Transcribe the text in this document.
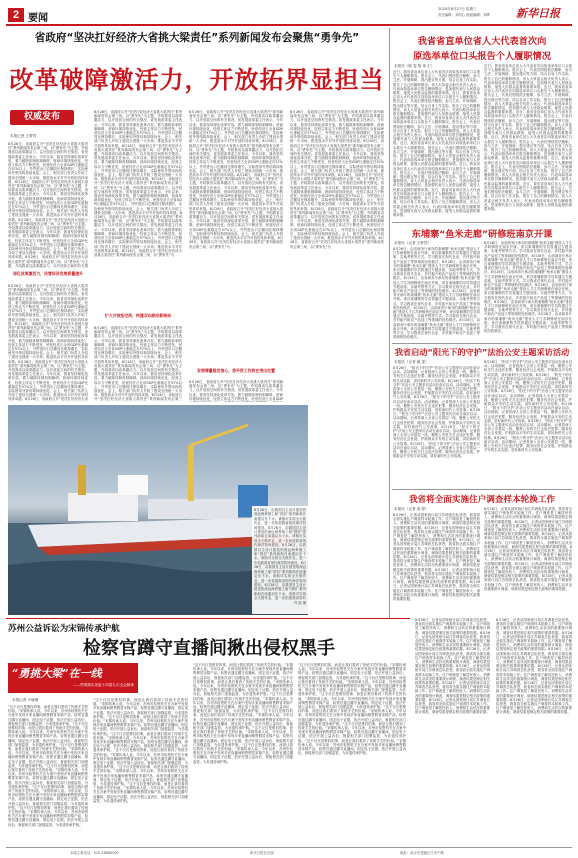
2 要闻
2025年8月27日 星期三
责任编辑：刘同心 版面编辑：刘晔 新华日报
省政府“坚决扛好经济大省挑大梁责任”系列新闻发布会聚焦“勇争先”
改革破障激活力，开放拓界显担当
权威发布
本报记者 王梦然
8月26日，省政府召开“坚决扛好经济大省挑大梁责任”系列新闻发布会第三场，以“勇争先”为主题，介绍我省以改革激活力、以开放拓空间的有关情况。省发展改革委主任表示，今年以来，我省坚持深化改革开放，着力破除体制机制障碍，营商环境持续优化，经营主体活力不断迸发，民营经济占全省GDP比重稳定在57%以上，外贸进出口总额同比保持增长，实际使用外资结构持续优化。会上，相关部门负责人介绍了建设全国统一大市场、推进高水平对外开放的具体举措。8月26日，省政府召开“坚决扛好经济大省挑大梁责任”系列新闻发布会第三场，以“勇争先”为主题，介绍我省以改革激活力、以开放拓空间的有关情况。省发展改革委主任表示，今年以来，我省坚持深化改革开放，着力破除体制机制障碍，营商环境持续优化，经营主体活力不断迸发，民营经济占全省GDP比重稳定在57%以上，外贸进出口总额同比保持增长，实际使用外资结构持续优化。会上，相关部门负责人介绍了建设全国统一大市场、推进高水平对外开放的具体举措。8月26日，省政府召开“坚决扛好经济大省挑大梁责任”系列新闻发布会第三场，以“勇争先”为主题，介绍我省以改革激活力、以开放拓空间的有关情况。省发展改革委主任表示，今年以来，我省坚持深化改革开放，着力破除体制机制障碍，营商环境持续优化，经营主体活力不断迸发，民营经济占全省GDP比重稳定在57%以上，外贸进出口总额同比保持增长，实际使用外资结构持续优化。会上，相关部门负责人介绍了建设全国统一大市场、推进高水平对外开放的具体举措。8月26日，省政府召开“坚决扛好经济大省挑大梁责任”系列新闻发布会第三场，以“勇争先”为主题，介绍我省以改革激活力、以开放拓空间的有关情
深化改革激活力，民营经济发展质量提升
8月26日，省政府召开“坚决扛好经济大省挑大梁责任”系列新闻发布会第三场，以“勇争先”为主题，介绍我省以改革激活力、以开放拓空间的有关情况。省发展改革委主任表示，今年以来，我省坚持深化改革开放，着力破除体制机制障碍，营商环境持续优化，经营主体活力不断迸发，民营经济占全省GDP比重稳定在57%以上，外贸进出口总额同比保持增长，实际使用外资结构持续优化。会上，相关部门负责人介绍了建设全国统一大市场、推进高水平对外开放的具体举措。8月26日，省政府召开“坚决扛好经济大省挑大梁责任”系列新闻发布会第三场，以“勇争先”为主题，介绍我省以改革激活力、以开放拓空间的有关情况。省发展改革委主任表示，今年以来，我省坚持深化改革开放，着力破除体制机制障碍，营商环境持续优化，经营主体活力不断迸发，民营经济占全省GDP比重稳定在57%以上，外贸进出口总额同比保持增长，实际使用外资结构持续优化。会上，相关部门负责人介绍了建设全国统一大市场、推进高水平对外开放的具体举措。8月26日，省政府召开“坚决扛好经济大省挑大梁责任”系列新闻发布会第三场，以“勇争先”为主题，介绍我省以改革激活力、以开放拓空间的有关情况。省发展改革委主任表示，今年以来，我省坚持深化改革开放，着力破除体制机制障碍，营商环境持续优化，经营主体活力不断迸发，民营经济占全省GDP比重稳定在57%以上，外贸进出口总额同比保持增长，实际使用外资结构持续优化。会上，相关部门负责人介绍了建设全国统一大市场、推进高水平对外开放的具体举措。8月26日，省政府召开“坚决扛好经济大省
8月26日，省政府召开“坚决扛好经济大省挑大梁责任”系列新闻发布会第三场，以“勇争先”为主题，介绍我省以改革激活力、以开放拓空间的有关情况。省发展改革委主任表示，今年以来，我省坚持深化改革开放，着力破除体制机制障碍，营商环境持续优化，经营主体活力不断迸发，民营经济占全省GDP比重稳定在57%以上，外贸进出口总额同比保持增长，实际使用外资结构持续优化。会上，相关部门负责人介绍了建设全国统一大市场、推进高水平对外开放的具体举措。8月26日，省政府召开“坚决扛好经济大省挑大梁责任”系列新闻发布会第三场，以“勇争先”为主题，介绍我省以改革激活力、以开放拓空间的有关情况。省发展改革委主任表示，今年以来，我省坚持深化改革开放，着力破除体制机制障碍，营商环境持续优化，经营主体活力不断迸发，民营经济占全省GDP比重稳定在57%以上，外贸进出口总额同比保持增长，实际使用外资结构持续优化。会上，相关部门负责人介绍了建设全国统一大市场、推进高水平对外开放的具体举措。8月26日，省政府召开“坚决扛好经济大省挑大梁责任”系列新闻发布会第三场，以“勇争先”为主题，介绍我省以改革激活力、以开放拓空间的有关情况。省发展改革委主任表示，今年以来，我省坚持深化改革开放，着力破除体制机制障碍，营商环境持续优化，经营主体活力不断迸发，民营经济占全省GDP比重稳定在57%以上，外贸进出口总额同比保持增长，实际使用外资结构持续优化。会上，相关部门负责人介绍了建设全国统一大市场、推进高水平对外开放的具体举措。8月26日，省政府召开“坚决扛好经济大省挑大梁责任”系列新闻发布会第三场，以“勇争先”为主题，介绍我省以改革激活力、以开放拓空间的有关情况。省发展改革委主任表示，今年以来，我省坚持深化改革开放，着力破除体制机制障碍，营商环境持续优化，经营主体活力不断迸发，民营经济占全省GDP比重稳定在57%以上，外贸进出口总额同比保持增长，实际使用外资结构持续优化。会上，相关部门负责人介绍了建设全国统一大市场、推进高水平对外开放的具体举措。8月26日，省政府召开“坚决扛好经济大省挑大梁责任”系列新闻发布会第三场，以“勇争先”为
扩大开放拓空间，构建双向联动新格局
8月26日，省政府召开“坚决扛好经济大省挑大梁责任”系列新闻发布会第三场，以“勇争先”为主题，介绍我省以改革激活力、以开放拓空间的有关情况。省发展改革委主任表示，今年以来，我省坚持深化改革开放，着力破除体制机制障碍，营商环境持续优化，经营主体活力不断迸发，民营经济占全省GDP比重稳定在57%以上，外贸进出口总额同比保持增长，实际使用外资结构持续优化。会上，相关部门负责人介绍了建设全国统一大市场、推进高水平对外开放的具体举措。8月26日，省政府召开“坚决扛好经济大省挑大梁责任”系列新闻发布会第三场，以“勇争先”为主题，介绍我省以改革激活力、以开放拓空间的有关情况。省发展改革委主任表示，今年以来，我省坚持深化改革开放，着力破除体制机制障碍，营商环境持续优化，经营主体活力不断迸发，民营经济占全省GDP比重稳定在57%以上，外贸进出口总额同比保持增长，实际使用外资结构持续优化。会上，相关部门负责人介绍了建设全国统一大市场、推进高水平对外开放的具体举措。8月26日，省政府召开“坚决扛好经济大省挑大梁责任”系列新闻发布会第三
8月26日，省政府召开“坚决扛好经济大省挑大梁责任”系列新闻发布会第三场，以“勇争先”为主题，介绍我省以改革激活力、以开放拓空间的有关情况。省发展改革委主任表示，今年以来，我省坚持深化改革开放，着力破除体制机制障碍，营商环境持续优化，经营主体活力不断迸发，民营经济占全省GDP比重稳定在57%以上，外贸进出口总额同比保持增长，实际使用外资结构持续优化。会上，相关部门负责人介绍了建设全国统一大市场、推进高水平对外开放的具体举措。8月26日，省政府召开“坚决扛好经济大省挑大梁责任”系列新闻发布会第三场，以“勇争先”为主题，介绍我省以改革激活力、以开放拓空间的有关情况。省发展改革委主任表示，今年以来，我省坚持深化改革开放，着力破除体制机制障碍，营商环境持续优化，经营主体活力不断迸发，民营经济占全省GDP比重稳定在57%以上，外贸进出口总额同比保持增长，实际使用外资结构持续优化。会上，相关部门负责人介绍了建设全国统一大市场、推进高水平对外开放的具体举措。8月26日，省政府召开“坚决扛好经济大省挑大梁责任”系列新闻发布会第三场，以“勇争先”为主题，介绍我省以改革激活力、以开放拓空间的有关情况。省发展改革委主任表示，今年以来，我省坚持深化改革开放，着力破除体制机制障碍，营商环境持续优化，经营主体活力不断迸发，民营经济占全省GDP比重稳定在57%以上，外贸进出口总额同比保持增长，实际使用外资结构持续优化。会上，相关部门负责人介绍了建设全国统一大市场、推进高水平对外开放的具体举措。8月26日，省政府召开“坚决扛好经济大省挑大梁责任”系列新闻发布会第三场，以“勇争先”为主题，介绍我省以改革激活力、以开放拓空间的有关情况。省发展改革委主任表示，今年以来，我省坚持深化改革开放，着力破除体制机制障碍，营商环境持续优化，经营主体活力不断迸发，民营经济占全省GDP比重稳定在57%以上，外贸进出口总额同比保持增长，实际使用外资结构持续优化。会上，相关部门负责人介绍了建设全国统一大市场、推进高水平对外开放的具体举措。8月26日，省政府召开“坚决扛好经济大省挑大梁责任”系列新闻发布会第三场，以“勇争先”为
发展增量稳定信心，将外贸工作放在突出位置
8月26日，省政府召开“坚决扛好经济大省挑大梁责任”系列新闻发布会第三场，以“勇争先”为主题，介绍我省以改革激活力、以开放拓空间的有关情况。省发展改革委主任表示，今年以来，我省坚持深化改革开放，着力破除体制机制障碍，营商环境持续优化，经营主体活力不断迸发，民营经济占全省GDP
8月26日，省政府召开“坚决扛好经济大省挑大梁责任”系列新闻发布会第三场，以“勇争先”为主题，介绍我省以改革激活力、以开放拓空间的有关情况。省发展改革委主任表示，今年以来，我省坚持深化改革开放，着力破除体制机制障碍，营商环境持续优化，经营主体活力不断迸发，民营经济占全省GDP比重稳定在57%以上，外贸进出口总额同比保持增长，实际使用外资结构持续优化。会上，相关部门负责人介绍了建设全国统一大市场、推进高水平对外开放的具体举措。8月26日，省政府召开“坚决扛好经济大省挑大梁责任”系列新闻发布会第三场，以“勇争先”为主题，介绍我省以改革激活力、以开放拓空间的有关情况。省发展改革委主任表示，今年以来，我省坚持深化改革开放，着力破除体制机制障碍，营商环境持续优化，经营主体活力不断迸发，民营经济占全省GDP比重稳定在57%以上，外贸进出口总额同比保持增长，实际使用外资结构持续优化。会上，相关部门负责人介绍了建设全国统一大市场、推进高水平对外开放的具体举措。8月26日，省政府召开“坚决扛好经济大省挑大梁责任”系列新闻发布会第三场，以“勇争先”为主题，介绍我省以改革激活力、以开放拓空间的有关情况。省发展改革委主任表示，今年以来，我省坚持深化改革开放，着力破除体制机制障碍，营商环境持续优化，经营主体活力不断迸发，民营经济占全省GDP比重稳定在57%以上，外贸进出口总额同比保持增长，实际使用外资结构持续优化。会上，相关部门负责人介绍了建设全国统一大市场、推进高水平对外开放的具体举措。8月26日，省政府召开“坚决扛好经济大省挑大梁责任”系列新闻发布会第三场，以“勇争先”为主题，介绍我省以改革激活力、以开放拓空间的有关情况。省发展改革委主任表示，今年以来，我省坚持深化改革开放，着力破除体制机制障碍，营商环境持续优化，经营主体活力不断迸发，民营经济占全省GDP比重稳定在57%以上，外贸进出口总额同比保持增长，实际使用外资结构持续优化。会上，相关部门负责人介绍了建设全国统一大市场、推进高水平对外开放的具体举措。8月26日，省政府召开“坚决扛好经济大省挑大梁责任”系列新闻发布会第三场，以“勇争先”为
8月26日，由我国自主设计建造的深远海养殖工船“国信”系列新船在南通启东下水。该船可实现全天候作业，进一步拓展我省现代海洋牧场建设。8月26日，由我国自主设计建造的深远海养殖工船“国信”系列新船在南通启东下水。该船可实现全天候作业，进一步拓展我省现代海洋牧场建设。8月26日，由我国自主设计建造的深远海养殖工船“国信”系列新船在南通启东下水。该船可实现全天候作业，进一步拓展我省现代海洋牧场建设。8月26日，由我国自主设计建造的深远海养殖工船“国信”系列新船在南通启东下水。该船可实现全天候作业，进一步拓展我省现代海洋牧场建设。8月26日，由我国自主设计建造的深远海养殖工船“国信”系列新船在南通启东下水。该船可实现全天候作业，进一步拓展我省现代
许 凯 摄
我省省直单位省人大代表首次向
原选举单位口头报告个人履职情况
本报讯（顾 雯 陈 伟 汇）
近日，我省省直单位省人大代表首次向原选举单位口头报告个人履职情况。报告会上，代表们围绕依法履职、参与立法、开展调研、提出建议等方面，结合自身工作实际，报告了自己的履职情况。省人大常委会相关负责人表示，代表向原选举单位报告履职情况，是加强代表与人民群众联系、接受人民群众监督的重要举措。近日，我省省直单位省人大代表首次向原选举单位口头报告个人履职情况。报告会上，代表们围绕依法履职、参与立法、开展调研、提出建议等方面，结合自身工作实际，报告了自己的履职情况。省人大常委会相关负责人表示，代表向原选举单位报告履职情况，是加强代表与人民群众联系、接受人民群众监督的重要举措。近日，我省省直单位省人大代表首次向原选举单位口头报告个人履职情况。报告会上，代表们围绕依法履职、参与立法、开展调研、提出建议等方面，结合自身工作实际，报告了自己的履职情况。省人大常委会相关负责人表示，代表向原选举单位报告履职情况，是加强代表与人民群众联系、接受人民群众监督的重要举措。近日，我省省直单位省人大代表首次向原选举单位口头报告个人履职情况。报告会上，代表们围绕依法履职、参与立法、开展调研、提出建议等方面，结合自身工作实际，报告了自己的履职情况。省人大常委会相关负责人表示，代表向原选举单位报告履职情况，是加强代表与人民群众联系、接受人民群众监督的重要举措。近日，我省省直单位省人大代表首次向原选举单位口头报告个人履职情况。报告会上，代表们围绕依法履职、参与立法、开展调研、提出建议等方面，结合自身工作实际，报告了自己的履职情况。省人大常委会相关负责人表示，代表向原选举单位报告履职情况，是加强代表与人民群众联系、接受人民群众监督的重要举措。近日，我省省直单位省人大代表首次向原选举单位口头报告个人履职情况。报告会上，代表们围绕依法履职、参与立法、开展调研、提出建议等方面，结合自身工作实际，报告了自己的履职情况。省人大常委会相关负责人表示，代表向原选举单位报告履职情况，是加强代表与人民群众联系、接受人民群众监督的重要举措。
近日，我省省直单位省人大代表首次向原选举单位口头报告个人履职情况。报告会上，代表们围绕依法履职、参与立法、开展调研、提出建议等方面，结合自身工作实际，报告了自己的履职情况。省人大常委会相关负责人表示，代表向原选举单位报告履职情况，是加强代表与人民群众联系、接受人民群众监督的重要举措。近日，我省省直单位省人大代表首次向原选举单位口头报告个人履职情况。报告会上，代表们围绕依法履职、参与立法、开展调研、提出建议等方面，结合自身工作实际，报告了自己的履职情况。省人大常委会相关负责人表示，代表向原选举单位报告履职情况，是加强代表与人民群众联系、接受人民群众监督的重要举措。近日，我省省直单位省人大代表首次向原选举单位口头报告个人履职情况。报告会上，代表们围绕依法履职、参与立法、开展调研、提出建议等方面，结合自身工作实际，报告了自己的履职情况。省人大常委会相关负责人表示，代表向原选举单位报告履职情况，是加强代表与人民群众联系、接受人民群众监督的重要举措。近日，我省省直单位省人大代表首次向原选举单位口头报告个人履职情况。报告会上，代表们围绕依法履职、参与立法、开展调研、提出建议等方面，结合自身工作实际，报告了自己的履职情况。省人大常委会相关负责人表示，代表向原选举单位报告履职情况，是加强代表与人民群众联系、接受人民群众监督的重要举措。近日，我省省直单位省人大代表首次向原选举单位口头报告个人履职情况。报告会上，代表们围绕依法履职、参与立法、开展调研、提出建议等方面，结合自身工作实际，报告了自己的履职情况。省人大常委会相关负责人表示，代表向原选举单位报告履职情况，是加强代表与人民群众联系、接受人民群众监督的重要举措。近日，我省省直单位省人大代表首次向原选举单位口头报告个人履职情况。报告会上，代表们围绕依法履职、参与立法、开展调研、提出建议等方面，结合自身工作实际，报告了自己的履职情况。省人大常委会相关负责人表示，代表向原选举单位报告履职情况，是加强代表与人民群众联系、接受人民群众监督的重要举措。
东埔寨“鱼米走廊”研修班南京开课
本报讯（记者 王梦然）
8月26日，由省商务厅承办的柬埔寨“鱼米走廊”建设人才江苏研修班在南京开班。来自柬埔寨的学员将通过专题讲座、实地考察等方式，学习我省在现代农业、乡村振兴和农产品加工等领域的经验做法。8月26日，由省商务厅承办的柬埔寨“鱼米走廊”建设人才江苏研修班在南京开班。来自柬埔寨的学员将通过专题讲座、实地考察等方式，学习我省在现代农业、乡村振兴和农产品加工等领域的经验做法。8月26日，由省商务厅承办的柬埔寨“鱼米走廊”建设人才江苏研修班在南京开班。来自柬埔寨的学员将通过专题讲座、实地考察等方式，学习我省在现代农业、乡村振兴和农产品加工等领域的经验做法。8月26日，由省商务厅承办的柬埔寨“鱼米走廊”建设人才江苏研修班在南京开班。来自柬埔寨的学员将通过专题讲座、实地考察等方式，学习我省在现代农业、乡村振兴和农产品加工等领域的经验做法。8月26日，由省商务厅承办的柬埔寨“鱼米走廊”建设人才江苏研修班在南京开班。来自柬埔寨的学员将通过专题讲座、实地考察等方式，学习我省在现代农业、乡村振兴和农产品加工等领域的经验做法。8月26日，由省商务厅承办的柬埔寨“鱼米走廊”建设人才江苏研修班在南京开班。来自柬埔寨的学员将通过专题讲座、实地考察等方式，学习我省在现代农业、乡村振兴和农产品加工等领域的经验做法。
8月26日，由省商务厅承办的柬埔寨“鱼米走廊”建设人才江苏研修班在南京开班。来自柬埔寨的学员将通过专题讲座、实地考察等方式，学习我省在现代农业、乡村振兴和农产品加工等领域的经验做法。8月26日，由省商务厅承办的柬埔寨“鱼米走廊”建设人才江苏研修班在南京开班。来自柬埔寨的学员将通过专题讲座、实地考察等方式，学习我省在现代农业、乡村振兴和农产品加工等领域的经验做法。8月26日，由省商务厅承办的柬埔寨“鱼米走廊”建设人才江苏研修班在南京开班。来自柬埔寨的学员将通过专题讲座、实地考察等方式，学习我省在现代农业、乡村振兴和农产品加工等领域的经验做法。8月26日，由省商务厅承办的柬埔寨“鱼米走廊”建设人才江苏研修班在南京开班。来自柬埔寨的学员将通过专题讲座、实地考察等方式，学习我省在现代农业、乡村振兴和农产品加工等领域的经验做法。8月26日，由省商务厅承办的柬埔寨“鱼米走廊”建设人才江苏研修班在南京开班。来自柬埔寨的学员将通过专题讲座、实地考察等方式，学习我省在现代农业、乡村振兴和农产品加工等领域的经验做法。8月26日，由省商务厅承办的柬埔寨“鱼米走廊”建设人才江苏研修班在南京开班。来自柬埔寨的学员将通过专题讲座、实地考察等方式，学习我省在现代农业、乡村振兴和农产品加工等领域的经验做法。
我省启动“阳光下的守护”法治公安主题采访活动
本报讯（记者 顾 雯）
8月26日，“阳光下的守护”法治公安主题采访活动在南京启动。活动期间，记者将深入全省公安基层一线，聚焦公安机关打击违法犯罪、服务经济社会发展、护航群众平安的生动实践，讲好新时代公安故事。8月26日，“阳光下的守护”法治公安主题采访活动在南京启动。活动期间，记者将深入全省公安基层一线，聚焦公安机关打击违法犯罪、服务经济社会发展、护航群众平安的生动实践，讲好新时代公安故事。8月26日，“阳光下的守护”法治公安主题采访活动在南京启动。活动期间，记者将深入全省公安基层一线，聚焦公安机关打击违法犯罪、服务经济社会发展、护航群众平安的生动实践，讲好新时代公安故事。8月26日，“阳光下的守护”法治公安主题采访活动在南京启动。活动期间，记者将深入全省公安基层一线，聚焦公安机关打击违法犯罪、服务经济社会发展、护航群众平安的生动实践，讲好新时代公安故事。8月26日，“阳光下的守护”法治公安主题采访活动在南京启动。活动期间，记者将深入全省公安基层一线，聚焦公安机关打击违法犯罪、服务经济社会发展、护航群众平安的生动实践，讲好新时代公安故事。8月26日，“阳光下的守护”法治公安主题采访活动在南京启动。活动期间，记者将深入全省公安基层一线，聚焦公安机关打击违法犯罪、服务经济社会发展、护航群众平安的生动实践，讲好新时代公安故事。
8月26日，“阳光下的守护”法治公安主题采访活动在南京启动。活动期间，记者将深入全省公安基层一线，聚焦公安机关打击违法犯罪、服务经济社会发展、护航群众平安的生动实践，讲好新时代公安故事。8月26日，“阳光下的守护”法治公安主题采访活动在南京启动。活动期间，记者将深入全省公安基层一线，聚焦公安机关打击违法犯罪、服务经济社会发展、护航群众平安的生动实践，讲好新时代公安故事。8月26日，“阳光下的守护”法治公安主题采访活动在南京启动。活动期间，记者将深入全省公安基层一线，聚焦公安机关打击违法犯罪、服务经济社会发展、护航群众平安的生动实践，讲好新时代公安故事。8月26日，“阳光下的守护”法治公安主题采访活动在南京启动。活动期间，记者将深入全省公安基层一线，聚焦公安机关打击违法犯罪、服务经济社会发展、护航群众平安的生动实践，讲好新时代公安故事。8月26日，“阳光下的守护”法治公安主题采访活动在南京启动。活动期间，记者将深入全省公安基层一线，聚焦公安机关打击违法犯罪、服务经济社会发展、护航群众平安的生动实践，讲好新时代公安故事。8月26日，“阳光下的守护”法治公安主题采访活动在南京启动。活动期间，记者将深入全省公安基层一线，聚焦公安机关打击违法犯罪、服务经济社会发展、护航群众平安的生动实践，讲好新时代公安故事。
我省将全面实施住户调查样本轮换工作
本报讯（记者 梁 婷）
8月26日，记者从国家统计局江苏调查总队获悉，我省将全面实施住户调查样本轮换工作。住户调查是了解居民收入、消费和生活状况的重要统计调查，调查结果是制定相关政策的重要依据。8月26日，记者从国家统计局江苏调查总队获悉，我省将全面实施住户调查样本轮换工作。住户调查是了解居民收入、消费和生活状况的重要统计调查，调查结果是制定相关政策的重要依据。8月26日，记者从国家统计局江苏调查总队获悉，我省将全面实施住户调查样本轮换工作。住户调查是了解居民收入、消费和生活状况的重要统计调查，调查结果是制定相关政策的重要依据。8月26日，记者从国家统计局江苏调查总队获悉，我省将全面实施住户调查样本轮换工作。住户调查是了解居民收入、消费和生活状况的重要统计调查，调查结果是制定相关政策的重要依据。8月26日，记者从国家统计局江苏调查总队获悉，我省将全面实施住户调查样本轮换工作。住户调查是了解居民收入、消费和生活状况的重要统计调查，调查结果是制定相关政策的重要依据。8月26日，记者从国家统计局江苏调查总队获悉，我省将全面实施住户调查样本轮换工作。住户调查是了解居民收入、消费和生活状况的重要统计调查，调查结果是制定相关政策的重要依据。
8月26日，记者从国家统计局江苏调查总队获悉，我省将全面实施住户调查样本轮换工作。住户调查是了解居民收入、消费和生活状况的重要统计调查，调查结果是制定相关政策的重要依据。8月26日，记者从国家统计局江苏调查总队获悉，我省将全面实施住户调查样本轮换工作。住户调查是了解居民收入、消费和生活状况的重要统计调查，调查结果是制定相关政策的重要依据。8月26日，记者从国家统计局江苏调查总队获悉，我省将全面实施住户调查样本轮换工作。住户调查是了解居民收入、消费和生活状况的重要统计调查，调查结果是制定相关政策的重要依据。8月26日，记者从国家统计局江苏调查总队获悉，我省将全面实施住户调查样本轮换工作。住户调查是了解居民收入、消费和生活状况的重要统计调查，调查结果是制定相关政策的重要依据。8月26日，记者从国家统计局江苏调查总队获悉，我省将全面实施住户调查样本轮换工作。住户调查是了解居民收入、消费和生活状况的重要统计调查，调查结果是制定相关政策的重要依据。8月26日，记者从国家统计局江苏调查总队获悉，我省将全面实施住户调查样本轮换工作。住户调查是了解居民收入、消费和生活状况的重要统计调查，调查结果是制定相关政策的重要依据。
8月26日，记者从国家统计局江苏调查总队获悉，我省将全面实施住户调查样本轮换工作。住户调查是了解居民收入、消费和生活状况的重要统计调查，调查结果是制定相关政策的重要依据。8月26日，记者从国家统计局江苏调查总队获悉，我省将全面实施住户调查样本轮换工作。住户调查是了解居民收入、消费和生活状况的重要统计调查，调查结果是制定相关政策的重要依据。8月26日，记者从国家统计局江苏调查总队获悉，我省将全面实施住户调查样本轮换工作。住户调查是了解居民收入、消费和生活状况的重要统计调查，调查结果是制定相关政策的重要依据。8月26日，记者从国家统计局江苏调查总队获悉，我省将全面实施住户调查样本轮换工作。住户调查是了解居民收入、消费和生活状况的重要统计调查，调查结果是制定相关政策的重要依据。8月26日，记者从国家统计局江苏调查总队获悉，我省将全面实施住户调查样本轮换工作。住户调查是了解居民收入、消费和生活状况的重要统计调查，调查结果是制定相关政策的重要依据。8月26日，记者从国家统计局江苏调查总队获悉，我省将全面实施住户调查样本轮换工作。住户调查是了解居民收入、消费和生活状况的重要统计调查，调查结果是制定相关政策的重要依据。
8月26日，记者从国家统计局江苏调查总队获悉，我省将全面实施住户调查样本轮换工作。住户调查是了解居民收入、消费和生活状况的重要统计调查，调查结果是制定相关政策的重要依据。8月26日，记者从国家统计局江苏调查总队获悉，我省将全面实施住户调查样本轮换工作。住户调查是了解居民收入、消费和生活状况的重要统计调查，调查结果是制定相关政策的重要依据。8月26日，记者从国家统计局江苏调查总队获悉，我省将全面实施住户调查样本轮换工作。住户调查是了解居民收入、消费和生活状况的重要统计调查，调查结果是制定相关政策的重要依据。8月26日，记者从国家统计局江苏调查总队获悉，我省将全面实施住户调查样本轮换工作。住户调查是了解居民收入、消费和生活状况的重要统计调查，调查结果是制定相关政策的重要依据。8月26日，记者从国家统计局江苏调查总队获悉，我省将全面实施住户调查样本轮换工作。住户调查是了解居民收入、消费和生活状况的重要统计调查，调查结果是制定相关政策的重要依据。8月26日，记者从国家统计局江苏调查总队获悉，我省将全面实施住户调查样本轮换工作。住户调查是了解居民收入、消费和生活状况的重要统计调查，调查结果是制定相关政策的重要依据。
苏州公益诉讼为宋锦传承护航
检察官蹲守直播间揪出侵权黑手
“勇挑大梁”在一线
——贯彻落实省委十四届九次全会精神
本报记者 卢晓琳
“这不仅仅是维权的事，而是让我们看到了传统手艺的价值。”宋锦传承人说。今年以来，苏州市检察机关在办案中发现多家直播间销售假冒宋锦产品，检察官通过蹲守直播间、固定电子证据，依法开展公益诉讼，督促相关部门加强监管，为非遗传承护航。“这不仅仅是维权的事，而是让我们看到了传统手艺的价值。”宋锦传承人说。今年以来，苏州市检察机关在办案中发现多家直播间销售假冒宋锦产品，检察官通过蹲守直播间、固定电子证据，依法开展公益诉讼，督促相关部门加强监管，为非遗传承护航。“这不仅仅是维权的事，而是让我们看到了传统手艺的价值。”宋锦传承人说。今年以来，苏州市检察机关在办案中发现多家直播间销售假冒宋锦产品，检察官通过蹲守直播间、固定电子证据，依法开展公益诉讼，督促相关部门加强监管，为非遗传承护航。“这不仅仅是维权的事，而是让我们看到了传统手艺的价值。”宋锦传承人说。今年以来，苏州市检察机关在办案中发现多家直播间销售假冒宋锦产品，检察官通过蹲守直播间、固定电子证据，依法开展公益诉讼，督促相关部门加强监管，为非遗传承护航。“这不仅仅是维权的事，而是让我们看到了传统手艺的价值。”宋锦传承人说。今年以来，苏州市检察机关在办案中发现多家直播间销售假冒宋锦产品，检察官通过蹲守直播间、固定电子证据，依法开展公益诉讼，督促相关部门加强监管，为非遗传承护航。“这不仅仅是维权的事，而是让我们看到了传统手艺的价值。”宋锦传承人说。今年以来，苏州市检察机关在办案中发现多家直播间销售假冒宋锦产品，检察官通过蹲守直播间、固定电子证据，依法开展公益诉讼，督促相关部门加强监管，为非遗传承护航。
“这不仅仅是维权的事，而是让我们看到了传统手艺的价值。”宋锦传承人说。今年以来，苏州市检察机关在办案中发现多家直播间销售假冒宋锦产品，检察官通过蹲守直播间、固定电子证据，依法开展公益诉讼，督促相关部门加强监管，为非遗传承护航。“这不仅仅是维权的事，而是让我们看到了传统手艺的价值。”宋锦传承人说。今年以来，苏州市检察机关在办案中发现多家直播间销售假冒宋锦产品，检察官通过蹲守直播间、固定电子证据，依法开展公益诉讼，督促相关部门加强监管，为非遗传承护航。“这不仅仅是维权的事，而是让我们看到了传统手艺的价值。”宋锦传承人说。今年以来，苏州市检察机关在办案中发现多家直播间销售假冒宋锦产品，检察官通过蹲守直播间、固定电子证据，依法开展公益诉讼，督促相关部门加强监管，为非遗传承护航。“这不仅仅是维权的事，而是让我们看到了传统手艺的价值。”宋锦传承人说。今年以来，苏州市检察机关在办案中发现多家直播间销售假冒宋锦产品，检察官通过蹲守直播间、固定电子证据，依法开展公益诉讼，督促相关部门加强监管，为非遗传承护航。“这不仅仅是维权的事，而是让我们看到了传统手艺的价值。”宋锦传承人说。今年以来，苏州市检察机关在办案中发现多家直播间销售假冒宋锦产品，检察官通过蹲守直播间、固定电子证据，依法开展公益诉讼，督促相关部门加强监管，为非遗传承护航。“这不仅仅是维权的事，而是让我们看到了传统手艺的价值。”宋锦传承人说。今年以来，苏州市检察机关在办案中发现多家直播间销售假冒宋锦产品，检察官通过蹲守直播间、固定电子证据，依法开展公益诉讼，督促相关部门加强监管，为非遗传承护航。
“这不仅仅是维权的事，而是让我们看到了传统手艺的价值。”宋锦传承人说。今年以来，苏州市检察机关在办案中发现多家直播间销售假冒宋锦产品，检察官通过蹲守直播间、固定电子证据，依法开展公益诉讼，督促相关部门加强监管，为非遗传承护航。“这不仅仅是维权的事，而是让我们看到了传统手艺的价值。”宋锦传承人说。今年以来，苏州市检察机关在办案中发现多家直播间销售假冒宋锦产品，检察官通过蹲守直播间、固定电子证据，依法开展公益诉讼，督促相关部门加强监管，为非遗传承护航。“这不仅仅是维权的事，而是让我们看到了传统手艺的价值。”宋锦传承人说。今年以来，苏州市检察机关在办案中发现多家直播间销售假冒宋锦产品，检察官通过蹲守直播间、固定电子证据，依法开展公益诉讼，督促相关部门加强监管，为非遗传承护航。“这不仅仅是维权的事，而是让我们看到了传统手艺的价值。”宋锦传承人说。今年以来，苏州市检察机关在办案中发现多家直播间销售假冒宋锦产品，检察官通过蹲守直播间、固定电子证据，依法开展公益诉讼，督促相关部门加强监管，为非遗传承护航。“这不仅仅是维权的事，而是让我们看到了传统手艺的价值。”宋锦传承人说。今年以来，苏州市检察机关在办案中发现多家直播间销售假冒宋锦产品，检察官通过蹲守直播间、固定电子证据，依法开展公益诉讼，督促相关部门加强监管，为非遗传承护航。“这不仅仅是维权的事，而是让我们看到了传统手艺的价值。”宋锦传承人说。今年以来，苏州市检察机关在办案中发现多家直播间销售假冒宋锦产品，检察官通过蹲守直播间、固定电子证据，依法开展公益诉讼，督促相关部门加强监管，为非遗传承护航。
“这不仅仅是维权的事，而是让我们看到了传统手艺的价值。”宋锦传承人说。今年以来，苏州市检察机关在办案中发现多家直播间销售假冒宋锦产品，检察官通过蹲守直播间、固定电子证据，依法开展公益诉讼，督促相关部门加强监管，为非遗传承护航。“这不仅仅是维权的事，而是让我们看到了传统手艺的价值。”宋锦传承人说。今年以来，苏州市检察机关在办案中发现多家直播间销售假冒宋锦产品，检察官通过蹲守直播间、固定电子证据，依法开展公益诉讼，督促相关部门加强监管，为非遗传承护航。“这不仅仅是维权的事，而是让我们看到了传统手艺的价值。”宋锦传承人说。今年以来，苏州市检察机关在办案中发现多家直播间销售假冒宋锦产品，检察官通过蹲守直播间、固定电子证据，依法开展公益诉讼，督促相关部门加强监管，为非遗传承护航。“这不仅仅是维权的事，而是让我们看到了传统手艺的价值。”宋锦传承人说。今年以来，苏州市检察机关在办案中发现多家直播间销售假冒宋锦产品，检察官通过蹲守直播间、固定电子证据，依法开展公益诉讼，督促相关部门加强监管，为非遗传承护航。“这不仅仅是维权的事，而是让我们看到了传统手艺的价值。”宋锦传承人说。今年以来，苏州市检察机关在办案中发现多家直播间销售假冒宋锦产品，检察官通过蹲守直播间、固定电子证据，依法开展公益诉讼，督促相关部门加强监管，为非遗传承护航。“这不仅仅是维权的事，而是让我们看到了传统手艺的价值。”宋锦传承人说。今年以来，苏州市检察机关在办案中发现多家直播间销售假冒宋锦产品，检察官通过蹲守直播间、固定电子证据，依法开展公益诉讼，督促相关部门加强监管，为非遗传承护航。
本版主要电话：025-58680000	新华日报社出版	地址：南京市建邺区江东中路
